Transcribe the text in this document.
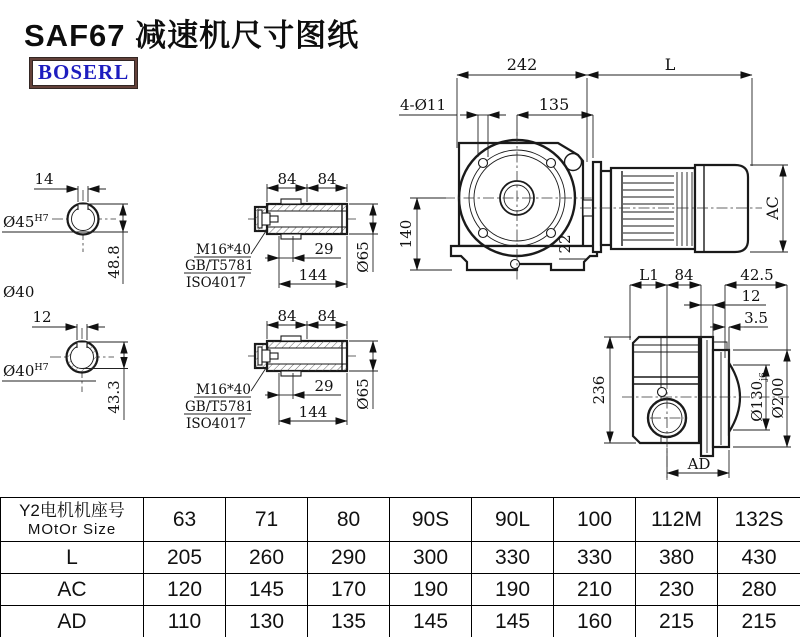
SAF67 减速机尺寸图纸
BOSERL
14
48.8
$Ø45^{H7}$
Ø40
12
43.3
$Ø40^{H7}$
84 84
29
144
Ø65
M16*40
GB/T5781
ISO4017
84 84
29
144
Ø65
M16*40
GB/T5781
ISO4017
242	L
4-Ø11	135
140	22
AC
L1 84	42.5
12
3.5
236	$Ø130_{j6}$
Ø200
AD
Y2电机机座号
MOtOr Size	63	71	80	90S	90L	100	112M	132S
L	205	260	290	300	330	330	380	430
AC	120	145	170	190	190	210	230	280
AD	110	130	135	145	145	160	215	215
